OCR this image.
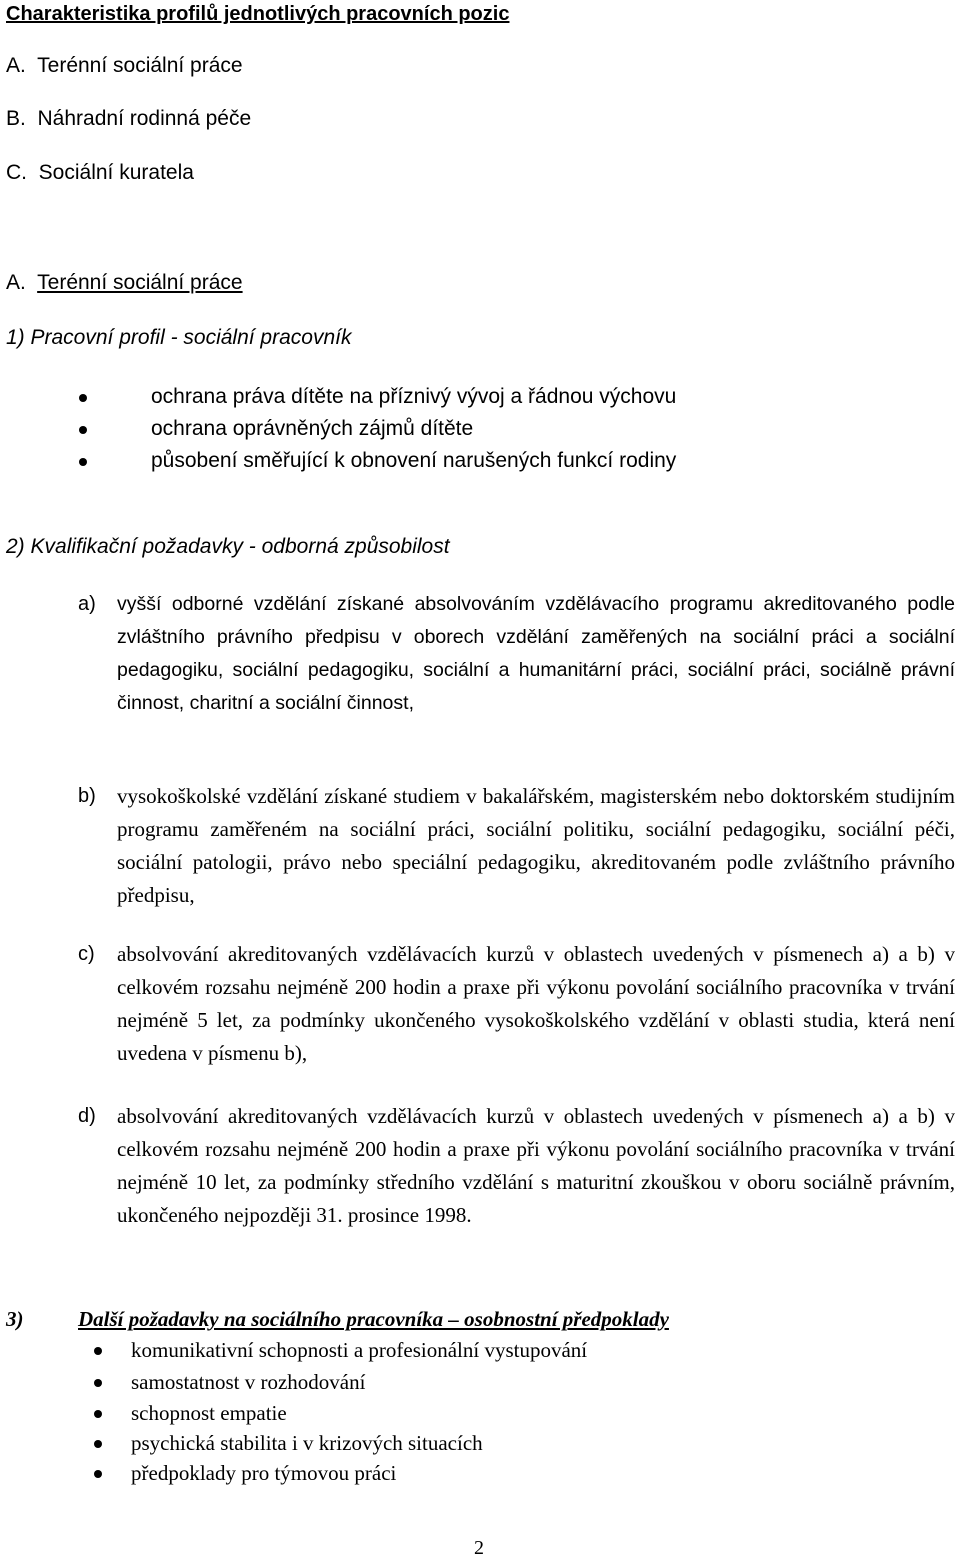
Charakteristika profilů jednotlivých pracovních pozic
A. Terénní sociální práce
B. Náhradní rodinná péče
C. Sociální kuratela
A. Terénní sociální práce
1) Pracovní profil - sociální pracovník
ochrana práva dítěte na příznivý vývoj a řádnou výchovu
ochrana oprávněných zájmů dítěte
působení směřující k obnovení narušených funkcí rodiny
2) Kvalifikační požadavky - odborná způsobilost
a) vyšší odborné vzdělání získané absolvováním vzdělávacího programu akreditovaného podle zvláštního právního předpisu v oborech vzdělání zaměřených na sociální práci a sociální pedagogiku, sociální pedagogiku, sociální a humanitární práci, sociální práci, sociálně právní činnost, charitní a sociální činnost,
b) vysokoškolské vzdělání získané studiem v bakalářském, magisterském nebo doktorském studijním programu zaměřeném na sociální práci, sociální politiku, sociální pedagogiku, sociální péči, sociální patologii, právo nebo speciální pedagogiku, akreditovaném podle zvláštního právního předpisu,
c) absolvování akreditovaných vzdělávacích kurzů v oblastech uvedených v písmenech a) a b) v celkovém rozsahu nejméně 200 hodin a praxe při výkonu povolání sociálního pracovníka v trvání nejméně 5 let, za podmínky ukončeného vysokoškolského vzdělání v oblasti studia, která není uvedena v písmenu b),
d) absolvování akreditovaných vzdělávacích kurzů v oblastech uvedených v písmenech a) a b) v celkovém rozsahu nejméně 200 hodin a praxe při výkonu povolání sociálního pracovníka v trvání nejméně 10 let, za podmínky středního vzdělání s maturitní zkouškou v oboru sociálně právním, ukončeného nejpozději 31. prosince 1998.
3)	Další požadavky na sociálního pracovníka – osobnostní předpoklady
komunikativní schopnosti a profesionální vystupování
samostatnost v rozhodování
schopnost empatie
psychická stabilita i v krizových situacích
předpoklady pro týmovou práci
2
